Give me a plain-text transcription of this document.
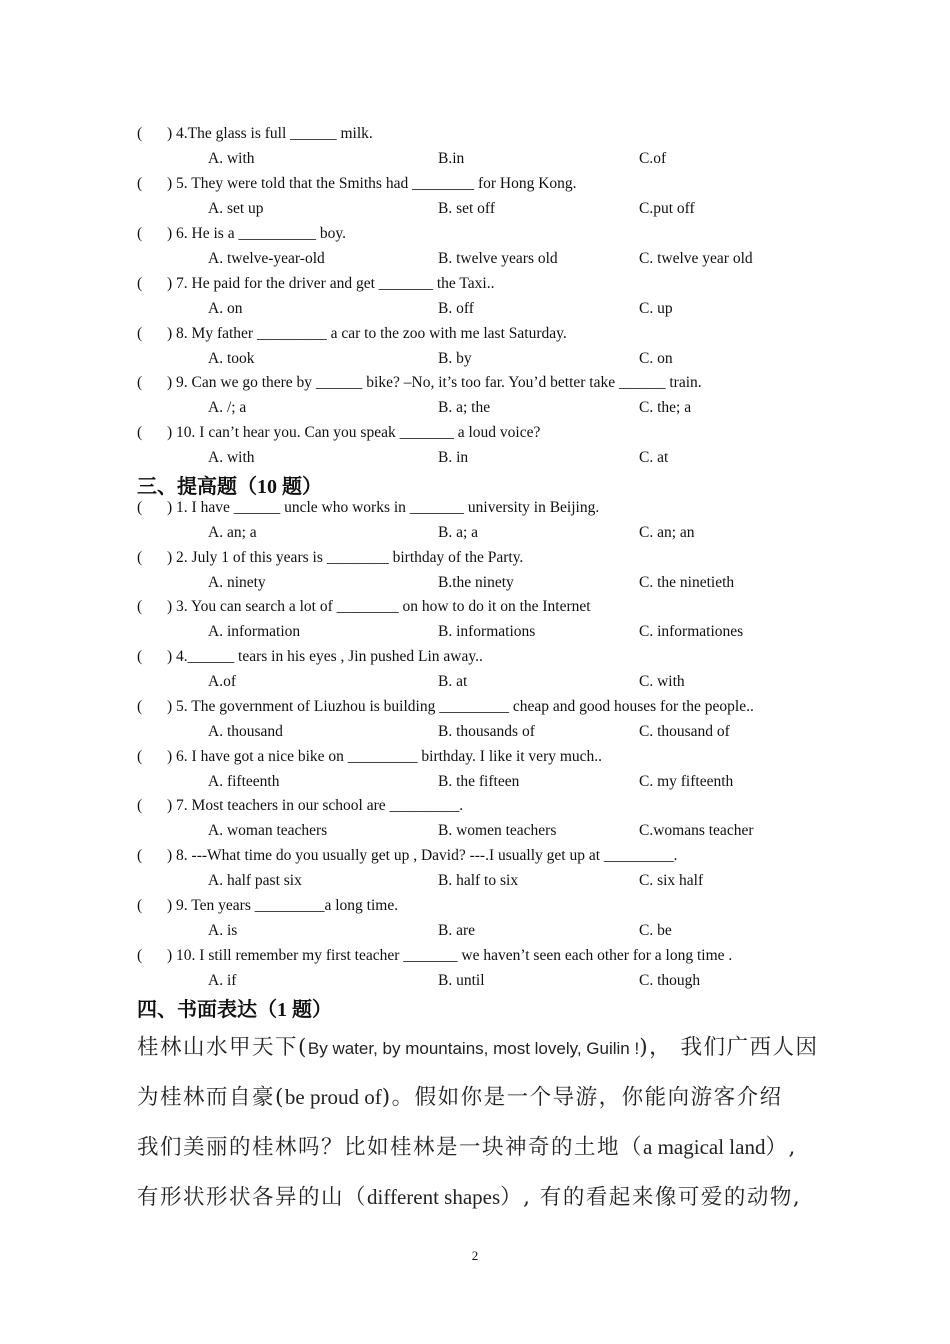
( ) 4.The glass is full ______ milk.
A. with	B.in	C.of
( ) 5. They were told that the Smiths had ________ for Hong Kong.
A. set up	B. set off	C.put off
( ) 6. He is a __________ boy.
A. twelve-year-old	B. twelve years old	C. twelve year old
( ) 7. He paid for the driver and get _______ the Taxi..
A. on	B. off	C. up
( ) 8. My father _________ a car to the zoo with me last Saturday.
A. took	B. by	C. on
( ) 9. Can we go there by ______ bike? –No, it’s too far. You’d better take ______ train.
A. /; a	B. a; the	C. the; a
( ) 10. I can’t hear you. Can you speak _______ a loud voice?
A. with	B. in	C. at
三、提高题（10 题）
( ) 1. I have ______ uncle who works in _______ university in Beijing.
A. an; a	B. a; a	C. an; an
( ) 2. July 1 of this years is ________ birthday of the Party.
A. ninety	B.the ninety	C. the ninetieth
( ) 3. You can search a lot of ________ on how to do it on the Internet
A. information	B. informations	C. informationes
( ) 4.______ tears in his eyes , Jin pushed Lin away..
A.of	B. at	C. with
( ) 5. The government of Liuzhou is building _________ cheap and good houses for the people..
A. thousand	B. thousands of	C. thousand of
( ) 6. I have got a nice bike on _________ birthday. I like it very much..
A. fifteenth	B. the fifteen	C. my fifteenth
( ) 7. Most teachers in our school are _________.
A. woman teachers	B. women teachers	C.womans teacher
( ) 8. ---What time do you usually get up , David? ---.I usually get up at _________.
A. half past six	B. half to six	C. six half
( ) 9. Ten years _________a long time.
A. is	B. are	C. be
( ) 10. I still remember my first teacher _______ we haven’t seen each other for a long time .
A. if	B. until	C. though
四、书面表达（1 题）
桂林山水甲天下(By water, by mountains, most lovely, Guilin !)， 我们广西人因
为桂林而自豪(be proud of)。假如你是一个导游，你能向游客介绍
我们美丽的桂林吗？比如桂林是一块神奇的土地（a magical land）,
有形状形状各异的山（different shapes）, 有的看起来像可爱的动物,
2
